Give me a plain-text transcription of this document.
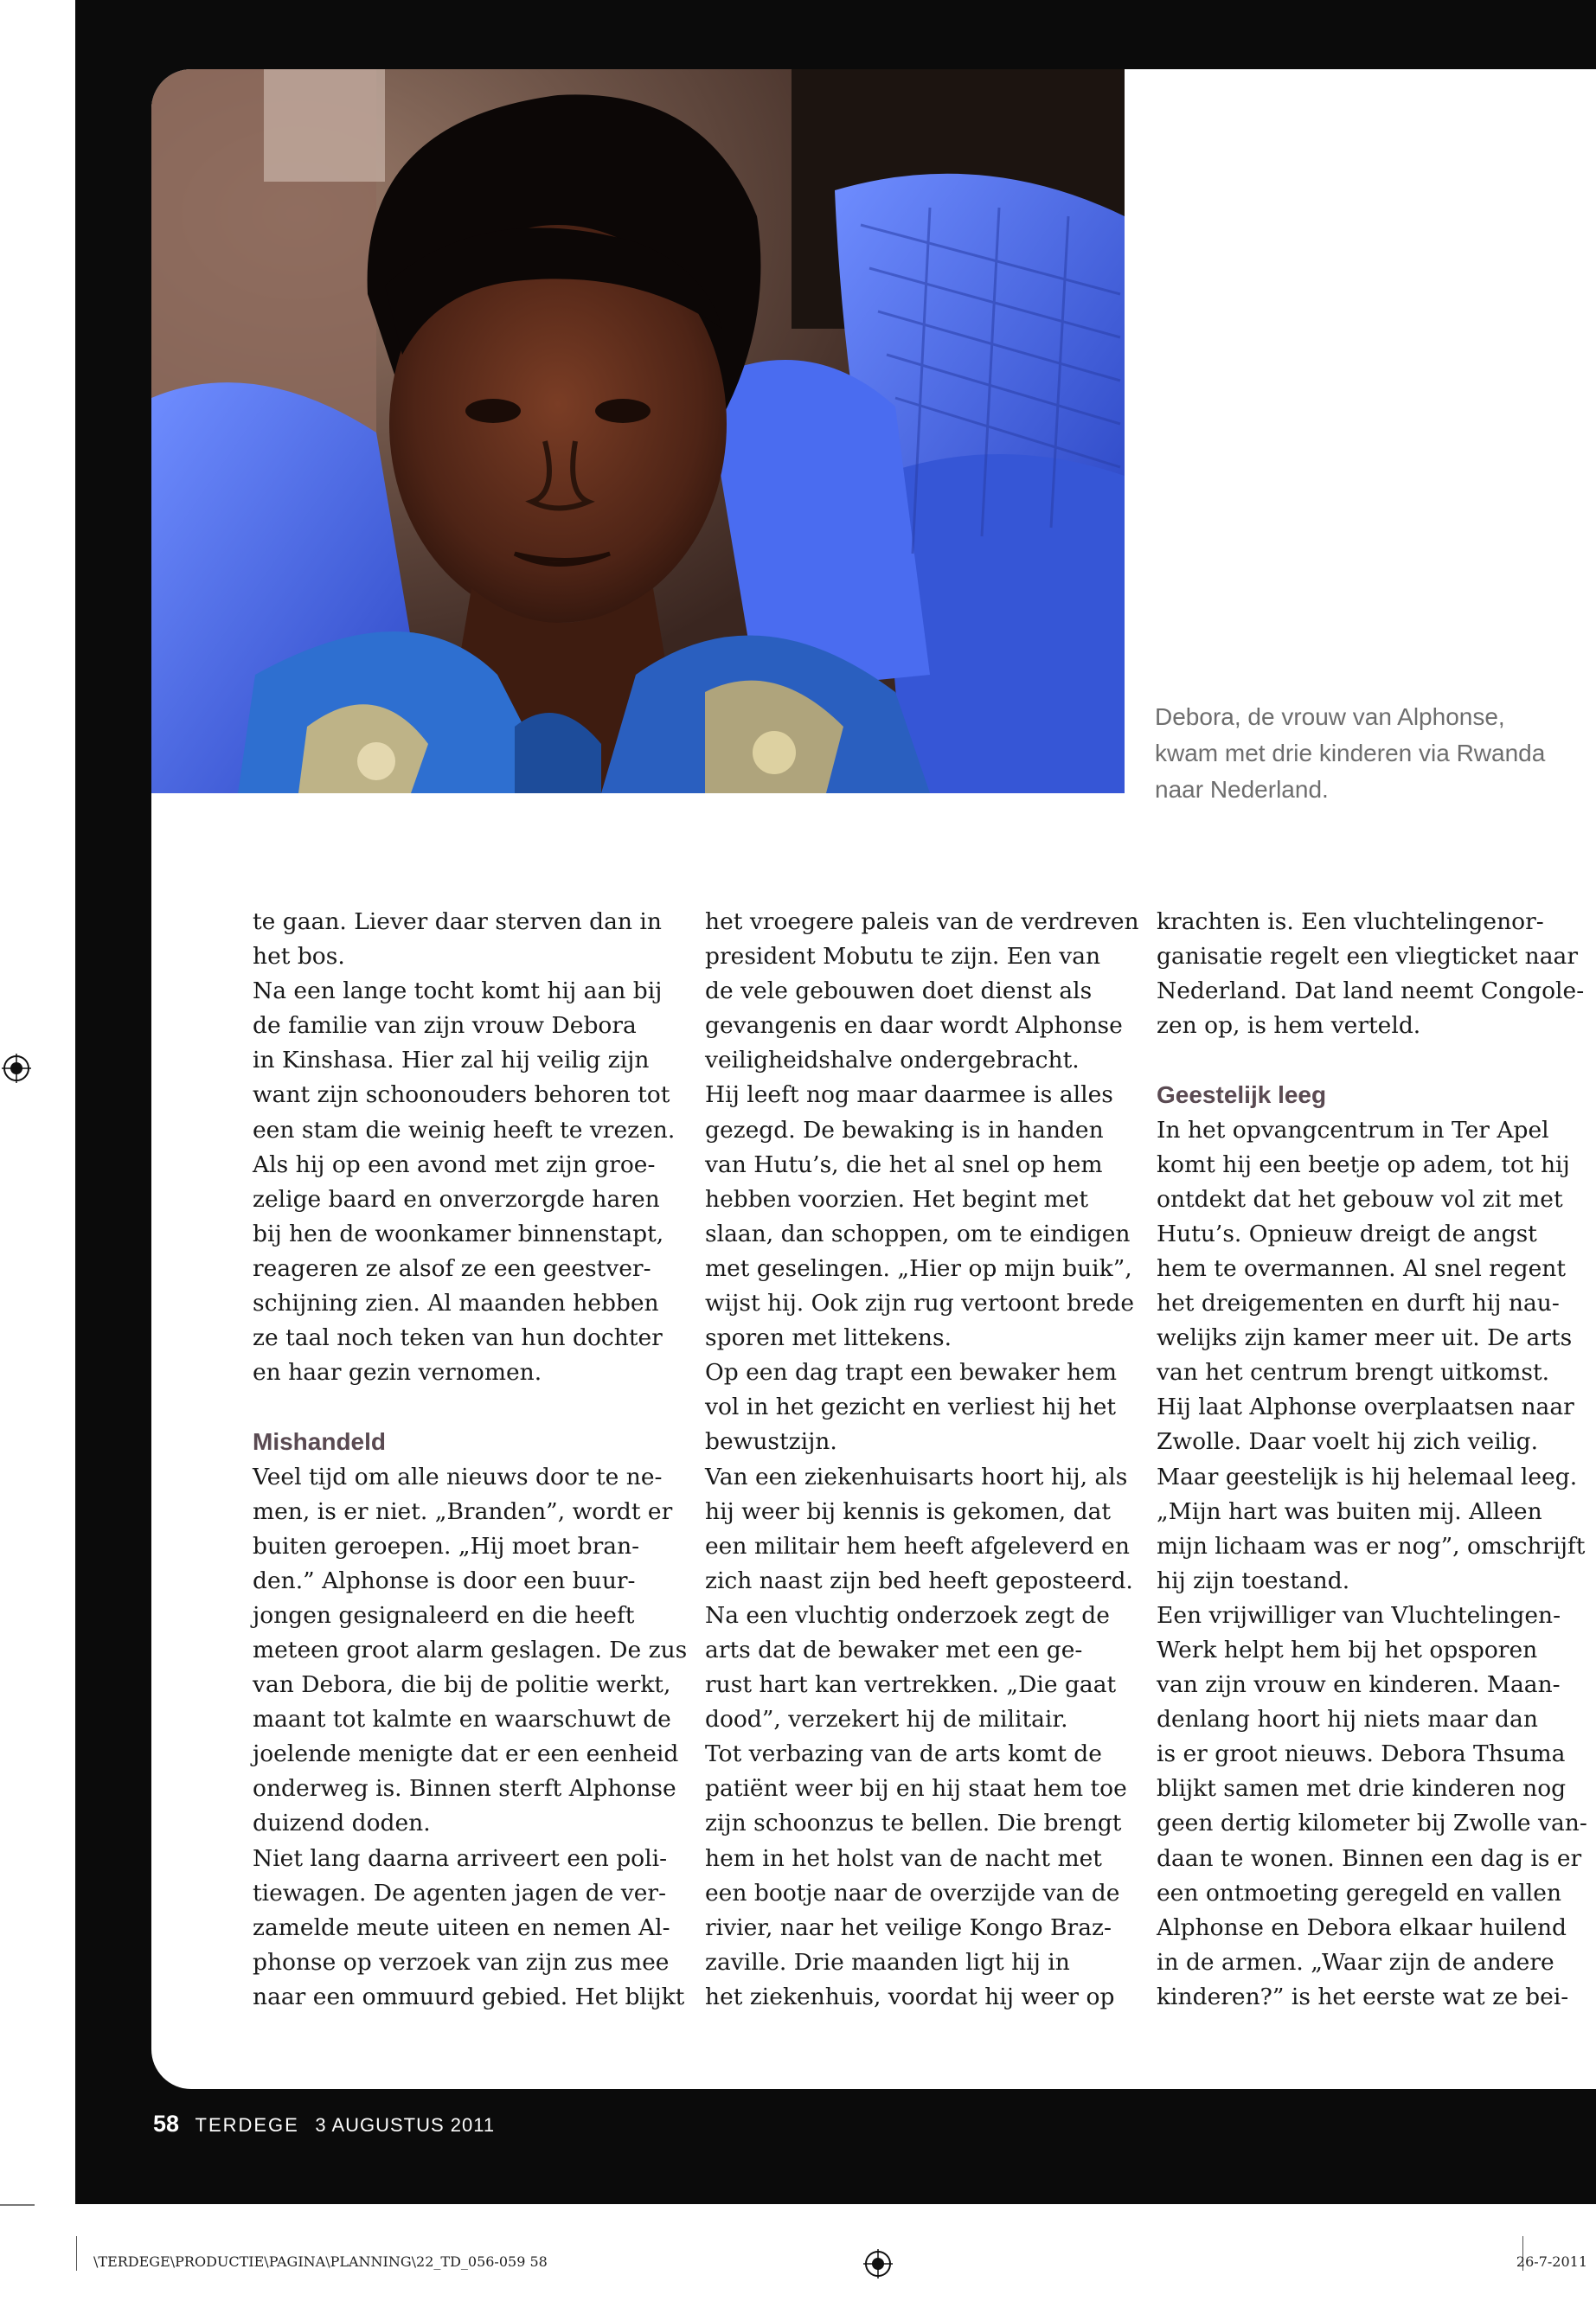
Debora, de vrouw van Alphonse,
kwam met drie kinderen via Rwanda
naar Nederland.
te gaan. Liever daar sterven dan in
het bos.
Na een lange tocht komt hij aan bij
de familie van zijn vrouw Debora
in Kinshasa. Hier zal hij veilig zijn
want zijn schoonouders behoren tot
een stam die weinig heeft te vrezen.
Als hij op een avond met zijn groe-
zelige baard en onverzorgde haren
bij hen de woonkamer binnenstapt,
reageren ze alsof ze een geestver-
schijning zien. Al maanden hebben
ze taal noch teken van hun dochter
en haar gezin vernomen.
Mishandeld
Veel tijd om alle nieuws door te ne-
men, is er niet. „Branden”, wordt er
buiten geroepen. „Hij moet bran-
den.” Alphonse is door een buur-
jongen gesignaleerd en die heeft
meteen groot alarm geslagen. De zus
van Debora, die bij de politie werkt,
maant tot kalmte en waarschuwt de
joelende menigte dat er een eenheid
onderweg is. Binnen sterft Alphonse
duizend doden.
Niet lang daarna arriveert een poli-
tiewagen. De agenten jagen de ver-
zamelde meute uiteen en nemen Al-
phonse op verzoek van zijn zus mee
naar een ommuurd gebied. Het blijkt
het vroegere paleis van de verdreven
president Mobutu te zijn. Een van
de vele gebouwen doet dienst als
gevangenis en daar wordt Alphonse
veiligheidshalve ondergebracht.
Hij leeft nog maar daarmee is alles
gezegd. De bewaking is in handen
van Hutu’s, die het al snel op hem
hebben voorzien. Het begint met
slaan, dan schoppen, om te eindigen
met geselingen. „Hier op mijn buik”,
wijst hij. Ook zijn rug vertoont brede
sporen met littekens.
Op een dag trapt een bewaker hem
vol in het gezicht en verliest hij het
bewustzijn.
Van een ziekenhuisarts hoort hij, als
hij weer bij kennis is gekomen, dat
een militair hem heeft afgeleverd en
zich naast zijn bed heeft geposteerd.
Na een vluchtig onderzoek zegt de
arts dat de bewaker met een ge-
rust hart kan vertrekken. „Die gaat
dood”, verzekert hij de militair.
Tot verbazing van de arts komt de
patiënt weer bij en hij staat hem toe
zijn schoonzus te bellen. Die brengt
hem in het holst van de nacht met
een bootje naar de overzijde van de
rivier, naar het veilige Kongo Braz-
zaville. Drie maanden ligt hij in
het ziekenhuis, voordat hij weer op
krachten is. Een vluchtelingenor-
ganisatie regelt een vliegticket naar
Nederland. Dat land neemt Congole-
zen op, is hem verteld.
Geestelijk leeg
In het opvangcentrum in Ter Apel
komt hij een beetje op adem, tot hij
ontdekt dat het gebouw vol zit met
Hutu’s. Opnieuw dreigt de angst
hem te overmannen. Al snel regent
het dreigementen en durft hij nau-
welijks zijn kamer meer uit. De arts
van het centrum brengt uitkomst.
Hij laat Alphonse overplaatsen naar
Zwolle. Daar voelt hij zich veilig.
Maar geestelijk is hij helemaal leeg.
„Mijn hart was buiten mij. Alleen
mijn lichaam was er nog”, omschrijft
hij zijn toestand.
Een vrijwilliger van Vluchtelingen-
Werk helpt hem bij het opsporen
van zijn vrouw en kinderen. Maan-
denlang hoort hij niets maar dan
is er groot nieuws. Debora Thsuma
blijkt samen met drie kinderen nog
geen dertig kilometer bij Zwolle van-
daan te wonen. Binnen een dag is er
een ontmoeting geregeld en vallen
Alphonse en Debora elkaar huilend
in de armen. „Waar zijn de andere
kinderen?” is het eerste wat ze bei-
58 TERDEGE 3 AUGUSTUS 2011
\TERDEGE\PRODUCTIE\PAGINA\PLANNING\22_TD_056-059 58	26-7-2011
